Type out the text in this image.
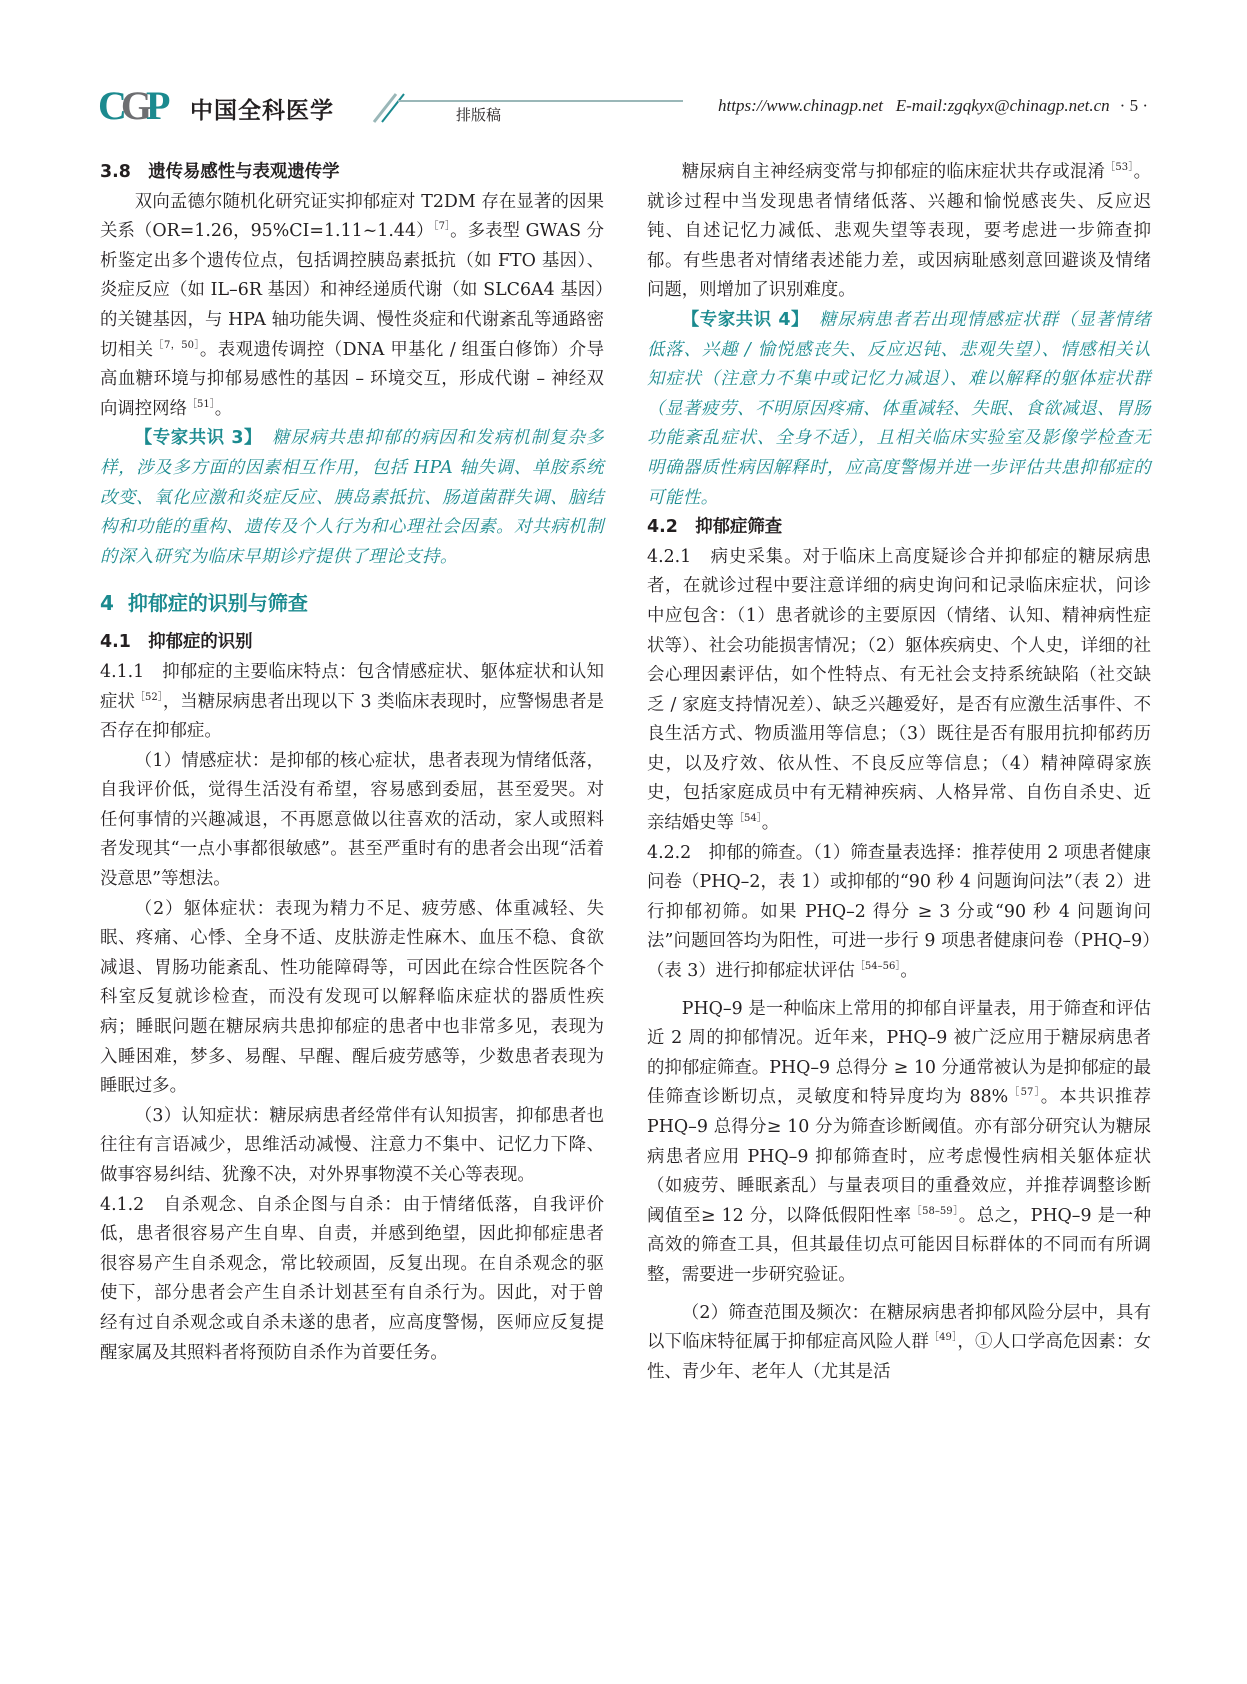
CGP 中国全科医学	排版稿	https://www.chinagp.net E-mail:zgqkyx@chinagp.net.cn · 5 ·

3.8　遗传易感性与表观遗传学

双向孟德尔随机化研究证实抑郁症对 T2DM 存在显著的因果关系（OR=1.26，95%CI=1.11~1.44）$^{[7]}$。多表型 GWAS 分析鉴定出多个遗传位点，包括调控胰岛素抵抗（如 FTO 基因）、炎症反应（如 IL–6R 基因）和神经递质代谢（如 SLC6A4 基因）的关键基因，与 HPA 轴功能失调、慢性炎症和代谢紊乱等通路密切相关$^{[7,50]}$。表观遗传调控（DNA 甲基化 / 组蛋白修饰）介导高血糖环境与抑郁易感性的基因 – 环境交互，形成代谢 – 神经双向调控网络$^{[51]}$。

【专家共识 3】 糖尿病共患抑郁的病因和发病机制复杂多样，涉及多方面的因素相互作用，包括 HPA 轴失调、单胺系统改变、氧化应激和炎症反应、胰岛素抵抗、肠道菌群失调、脑结构和功能的重构、遗传及个人行为和心理社会因素。对共病机制的深入研究为临床早期诊疗提供了理论支持。

4 抑郁症的识别与筛查

4.1　抑郁症的识别

4.1.1　抑郁症的主要临床特点：包含情感症状、躯体症状和认知症状$^{[52]}$，当糖尿病患者出现以下 3 类临床表现时，应警惕患者是否存在抑郁症。

（1）情感症状：是抑郁的核心症状，患者表现为情绪低落，自我评价低，觉得生活没有希望，容易感到委屈，甚至爱哭。对任何事情的兴趣减退，不再愿意做以往喜欢的活动，家人或照料者发现其“一点小事都很敏感”。甚至严重时有的患者会出现“活着没意思”等想法。

（2）躯体症状：表现为精力不足、疲劳感、体重减轻、失眠、疼痛、心悸、全身不适、皮肤游走性麻木、血压不稳、食欲减退、胃肠功能紊乱、性功能障碍等，可因此在综合性医院各个科室反复就诊检查，而没有发现可以解释临床症状的器质性疾病；睡眠问题在糖尿病共患抑郁症的患者中也非常多见，表现为入睡困难，梦多、易醒、早醒、醒后疲劳感等，少数患者表现为睡眠过多。

（3）认知症状：糖尿病患者经常伴有认知损害，抑郁患者也往往有言语减少，思维活动减慢、注意力不集中、记忆力下降、做事容易纠结、犹豫不决，对外界事物漠不关心等表现。

4.1.2　自杀观念、自杀企图与自杀：由于情绪低落，自我评价低，患者很容易产生自卑、自责，并感到绝望，因此抑郁症患者很容易产生自杀观念，常比较顽固，反复出现。在自杀观念的驱使下，部分患者会产生自杀计划甚至有自杀行为。因此，对于曾经有过自杀观念或自杀未遂的患者，应高度警惕，医师应反复提醒家属及其照料者将预防自杀作为首要任务。

糖尿病自主神经病变常与抑郁症的临床症状共存或混淆$^{[53]}$。就诊过程中当发现患者情绪低落、兴趣和愉悦感丧失、反应迟钝、自述记忆力减低、悲观失望等表现，要考虑进一步筛查抑郁。有些患者对情绪表述能力差，或因病耻感刻意回避谈及情绪问题，则增加了识别难度。

【专家共识 4】 糖尿病患者若出现情感症状群（显著情绪低落、兴趣 / 愉悦感丧失、反应迟钝、悲观失望）、情感相关认知症状（注意力不集中或记忆力减退）、难以解释的躯体症状群（显著疲劳、不明原因疼痛、体重减轻、失眠、食欲减退、胃肠功能紊乱症状、全身不适），且相关临床实验室及影像学检查无明确器质性病因解释时，应高度警惕并进一步评估共患抑郁症的可能性。

4.2　抑郁症筛查

4.2.1　病史采集。对于临床上高度疑诊合并抑郁症的糖尿病患者，在就诊过程中要注意详细的病史询问和记录临床症状，问诊中应包含：（1）患者就诊的主要原因（情绪、认知、精神病性症状等）、社会功能损害情况；（2）躯体疾病史、个人史，详细的社会心理因素评估，如个性特点、有无社会支持系统缺陷（社交缺乏 / 家庭支持情况差）、缺乏兴趣爱好，是否有应激生活事件、不良生活方式、物质滥用等信息；（3）既往是否有服用抗抑郁药历史，以及疗效、依从性、不良反应等信息；（4）精神障碍家族史，包括家庭成员中有无精神疾病、人格异常、自伤自杀史、近亲结婚史等$^{[54]}$。

4.2.2　抑郁的筛查。（1）筛查量表选择：推荐使用 2 项患者健康问卷（PHQ–2，表 1）或抑郁的“90 秒 4 问题询问法”（表 2）进行抑郁初筛。如果 PHQ–2 得分 ≥ 3 分或“90 秒 4 问题询问法”问题回答均为阳性，可进一步行 9 项患者健康问卷（PHQ–9）（表 3）进行抑郁症状评估$^{[54-56]}$。

PHQ–9 是一种临床上常用的抑郁自评量表，用于筛查和评估近 2 周的抑郁情况。近年来，PHQ–9 被广泛应用于糖尿病患者的抑郁症筛查。PHQ–9 总得分 ≥ 10 分通常被认为是抑郁症的最佳筛查诊断切点，灵敏度和特异度均为 88%$^{[57]}$。本共识推荐 PHQ–9 总得分≥ 10 分为筛查诊断阈值。亦有部分研究认为糖尿病患者应用 PHQ–9 抑郁筛查时，应考虑慢性病相关躯体症状（如疲劳、睡眠紊乱）与量表项目的重叠效应，并推荐调整诊断阈值至≥ 12 分，以降低假阳性率$^{[58-59]}$。总之，PHQ–9 是一种高效的筛查工具，但其最佳切点可能因目标群体的不同而有所调整，需要进一步研究验证。

（2）筛查范围及频次：在糖尿病患者抑郁风险分层中，具有以下临床特征属于抑郁症高风险人群$^{[49]}$，①人口学高危因素：女性、青少年、老年人（尤其是活
